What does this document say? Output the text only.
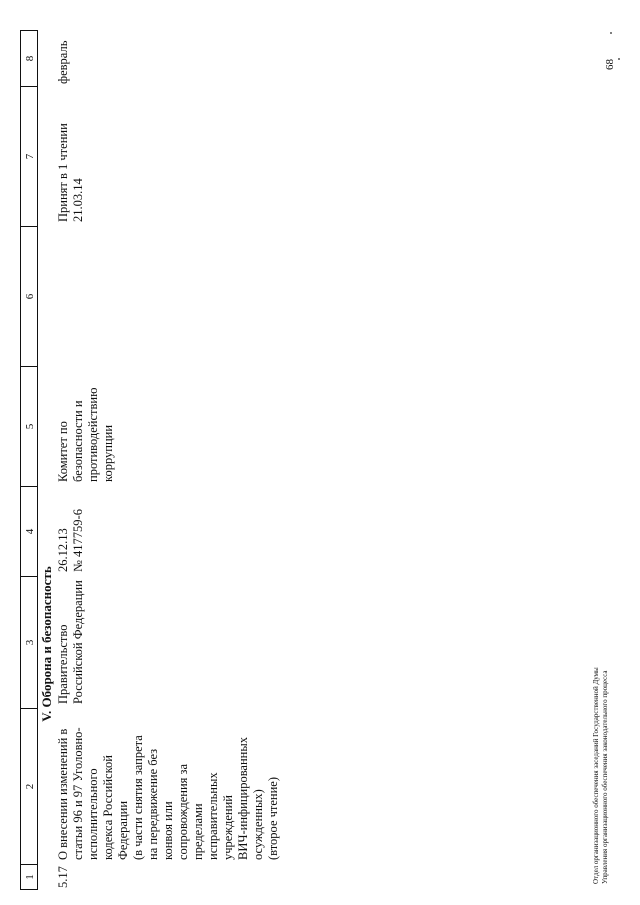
1
2
3
4
5
6
7
8
V. Оборона и безопасность
5.17
О внесении изменений в
статьи 96 и 97 Уголовно-
исполнительного
кодекса Российской
Федерации
(в части снятия запрета
на передвижение без
конвоя или
сопровождения за
пределами
исправительных
учреждений
ВИЧ-инфицированных
осужденных)
(второе чтение)
Правительство
Российской Федерации
26.12.13
№ 417759-6
Комитет по
безопасности и
противодействию
коррупции
Принят в 1 чтении
21.03.14
февраль	68
Отдел организационного обеспечения заседаний Государственной Думы Управления организационного обеспечения законодательного процесса
